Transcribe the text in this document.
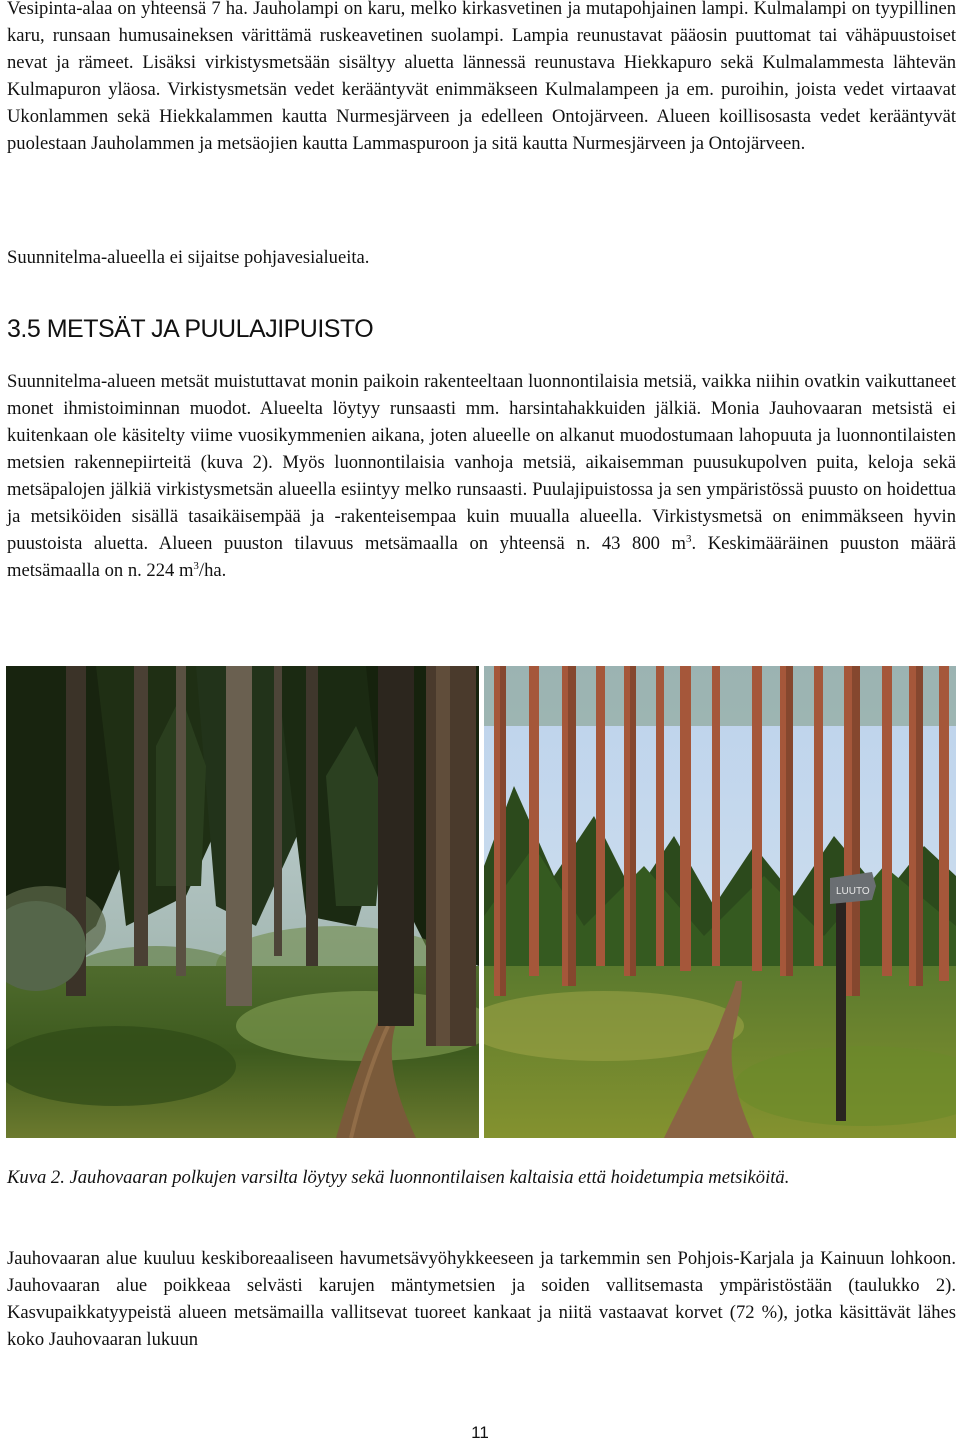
Vesipinta-alaa on yhteensä 7 ha. Jauholampi on karu, melko kirkasvetinen ja mutapohjainen lampi. Kulmalampi on tyypillinen karu, runsaan humusaineksen värittämä ruskeavetinen suolampi. Lampia reunustavat pääosin puuttomat tai vähäpuustoiset nevat ja rämeet. Lisäksi virkistysmetsään sisältyy aluetta lännessä reunustava Hiekkapuro sekä Kulmalammesta lähtevän Kulmapuron yläosa. Virkistysmetsän vedet kerääntyvät enimmäkseen Kulmalampeen ja em. puroihin, joista vedet virtaavat Ukonlammen sekä Hiekkalammen kautta Nurmesjärveen ja edelleen Ontojärveen. Alueen koillisosasta vedet kerääntyvät puolestaan Jauholammen ja metsäojien kautta Lammaspuroon ja sitä kautta Nurmesjärveen ja Ontojärveen.

Suunnitelma-alueella ei sijaitse pohjavesialueita.

3.5 METSÄT JA PUULAJIPUISTO

Suunnitelma-alueen metsät muistuttavat monin paikoin rakenteeltaan luonnontilaisia metsiä, vaikka niihin ovatkin vaikuttaneet monet ihmistoiminnan muodot. Alueelta löytyy runsaasti mm. harsintahakkuiden jälkiä. Monia Jauhovaaran metsistä ei kuitenkaan ole käsitelty viime vuosikymmenien aikana, joten alueelle on alkanut muodostumaan lahopuuta ja luonnontilaisten metsien rakennepiirteitä (kuva 2). Myös luonnontilaisia vanhoja metsiä, aikaisemman puusukupolven puita, keloja sekä metsäpalojen jälkiä virkistysmetsän alueella esiintyy melko runsaasti. Puulajipuistossa ja sen ympäristössä puusto on hoidettua ja metsiköiden sisällä tasaikäisempää ja -rakenteisempaa kuin muualla alueella. Virkistysmetsä on enimmäkseen hyvin puustoista aluetta. Alueen puuston tilavuus metsämaalla on yhteensä n. 43 800 $m^3$. Keskimääräinen puuston määrä metsämaalla on n. 224 $m^3/ha$.

LUUTO

Kuva 2. Jauhovaaran polkujen varsilta löytyy sekä luonnontilaisen kaltaisia että hoidetumpia metsiköitä.

Jauhovaaran alue kuuluu keskiboreaaliseen havumetsävyöhykkeeseen ja tarkemmin sen Pohjois-Karjala ja Kainuun lohkoon. Jauhovaaran alue poikkeaa selvästi karujen mäntymetsien ja soiden vallitsemasta ympäristöstään (taulukko 2). Kasvupaikkatyypeistä alueen metsämailla vallitsevat tuoreet kankaat ja niitä vastaavat korvet (72 %), jotka käsittävät lähes koko Jauhovaaran lukuun

11
